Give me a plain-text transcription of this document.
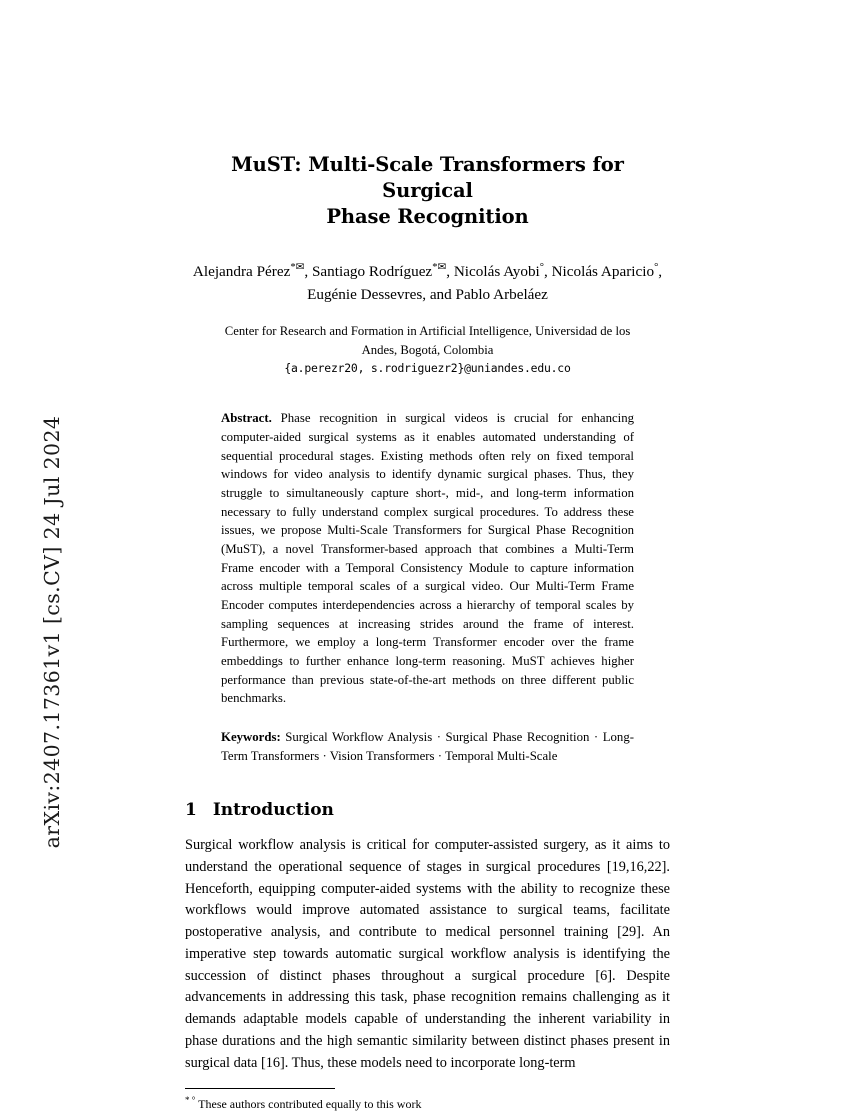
arXiv:2407.17361v1 [cs.CV] 24 Jul 2024
MuST: Multi-Scale Transformers for Surgical
Phase Recognition
Alejandra Pérez*✉, Santiago Rodríguez*✉, Nicolás Ayobi°, Nicolás Aparicio°,
Eugénie Dessevres, and Pablo Arbeláez
Center for Research and Formation in Artificial Intelligence, Universidad de los
Andes, Bogotá, Colombia
{a.perezr20, s.rodriguezr2}@uniandes.edu.co
Abstract. Phase recognition in surgical videos is crucial for enhancing computer-aided surgical systems as it enables automated understanding of sequential procedural stages. Existing methods often rely on fixed temporal windows for video analysis to identify dynamic surgical phases. Thus, they struggle to simultaneously capture short-, mid-, and long-term information necessary to fully understand complex surgical procedures. To address these issues, we propose Multi-Scale Transformers for Surgical Phase Recognition (MuST), a novel Transformer-based approach that combines a Multi-Term Frame encoder with a Temporal Consistency Module to capture information across multiple temporal scales of a surgical video. Our Multi-Term Frame Encoder computes interdependencies across a hierarchy of temporal scales by sampling sequences at increasing strides around the frame of interest. Furthermore, we employ a long-term Transformer encoder over the frame embeddings to further enhance long-term reasoning. MuST achieves higher performance than previous state-of-the-art methods on three different public benchmarks.
Keywords: Surgical Workflow Analysis · Surgical Phase Recognition · Long-Term Transformers · Vision Transformers · Temporal Multi-Scale
1 Introduction
Surgical workflow analysis is critical for computer-assisted surgery, as it aims to understand the operational sequence of stages in surgical procedures [19,16,22]. Henceforth, equipping computer-aided systems with the ability to recognize these workflows would improve automated assistance to surgical teams, facilitate postoperative analysis, and contribute to medical personnel training [29]. An imperative step towards automatic surgical workflow analysis is identifying the succession of distinct phases throughout a surgical procedure [6]. Despite advancements in addressing this task, phase recognition remains challenging as it demands adaptable models capable of understanding the inherent variability in phase durations and the high semantic similarity between distinct phases present in surgical data [16]. Thus, these models need to incorporate long-term
* ° These authors contributed equally to this work
